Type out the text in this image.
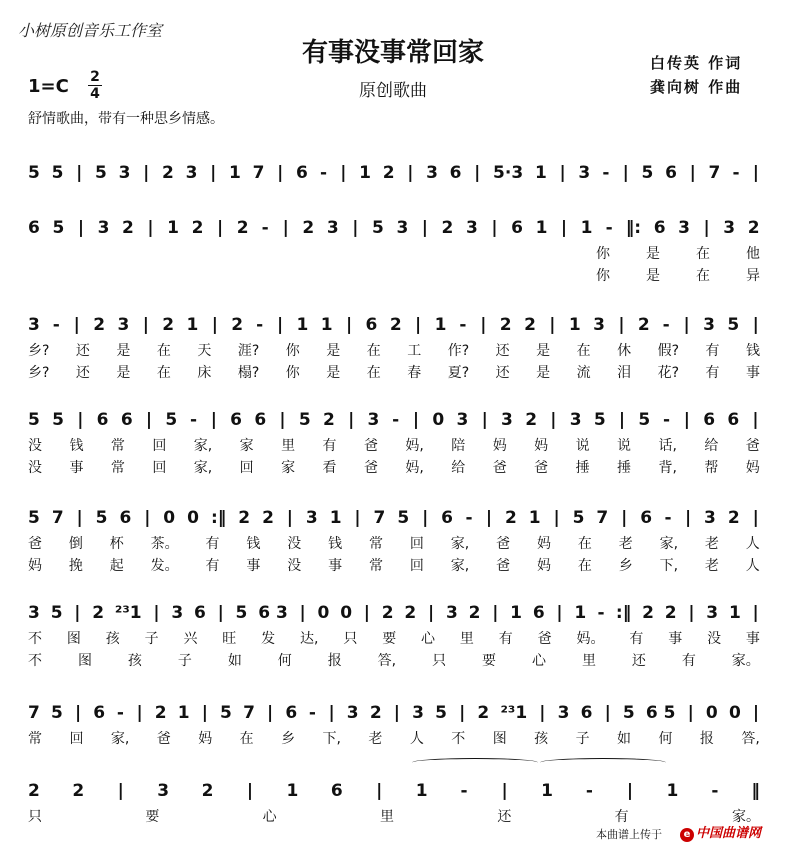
小树原创音乐工作室
有事没事常回家	白传英 作词
龚向树 作曲
1=C 2
4	原创歌曲
舒情歌曲，带有一种思乡情感。
5 5 | 5 3 | 2 3 | 1 7 | 6 - | 1 2 | 3 6 | 5·3 1 | 3 - | 5 6 | 7 - |
6 5 | 3 2 | 1 2 | 2 - | 2 3 | 5 3 | 2 3 | 6 1 | 1 - ‖: 6 3 | 3 2
你	是	在	他
你	是	在	异
3 - | 2 3 | 2 1 | 2 - | 1 1 | 6 2 | 1 - | 2 2 | 1 3 | 2 - | 3 5 |
乡? 还 是 在 天 涯? 你 是 在 工 作? 还 是 在 休 假? 有 钱
乡? 还 是 在 床 榻? 你 是 在 春 夏? 还 是 流 泪 花? 有 事
5 5 | 6 6 | 5 - | 6 6 | 5 2 | 3 - | 0 3 | 3 2 | 3 5 | 5 - | 6 6 |
没 钱 常 回 家, 家 里 有 爸 妈, 陪 妈 妈 说 说 话, 给 爸
没 事 常 回 家, 回 家 看 爸 妈, 给 爸 爸 捶 捶 背, 帮 妈
5 7 | 5 6 | 0 0 :‖ 2 2 | 3 1 | 7 5 | 6 - | 2 1 | 5 7 | 6 - | 3 2 |
爸 倒 杯 茶。 有 钱 没 钱 常 回 家, 爸 妈 在 老 家, 老 人
妈 挽 起 发。 有 事 没 事 常 回 家, 爸 妈 在 乡 下, 老 人
3 5 | 2 ²³1 | 3 6 | 5 6 3 | 0 0 | 2 2 | 3 2 | 1 6 | 1 - :‖ 2 2 | 3 1 |
不 图 孩 子 兴 旺 发 达, 只 要 心 里 有 爸 妈。 有 事 没 事
不	图	孩	子	如	何	报	答,	只	要	心	里	还	有	家。
7 5 | 6 - | 2 1 | 5 7 | 6 - | 3 2 | 3 5 | 2 ²³1 | 3 6 | 5 6 5 | 0 0 |
常 回 家, 爸 妈 在 乡 下, 老 人 不 图 孩 子 如 何 报 答,
2 2 | 3 2 | 1 6 | 1 - | 1 - | 1 - ‖
只	要	心	里	还	有	家。
本曲谱上传于	e 中国曲谱网
